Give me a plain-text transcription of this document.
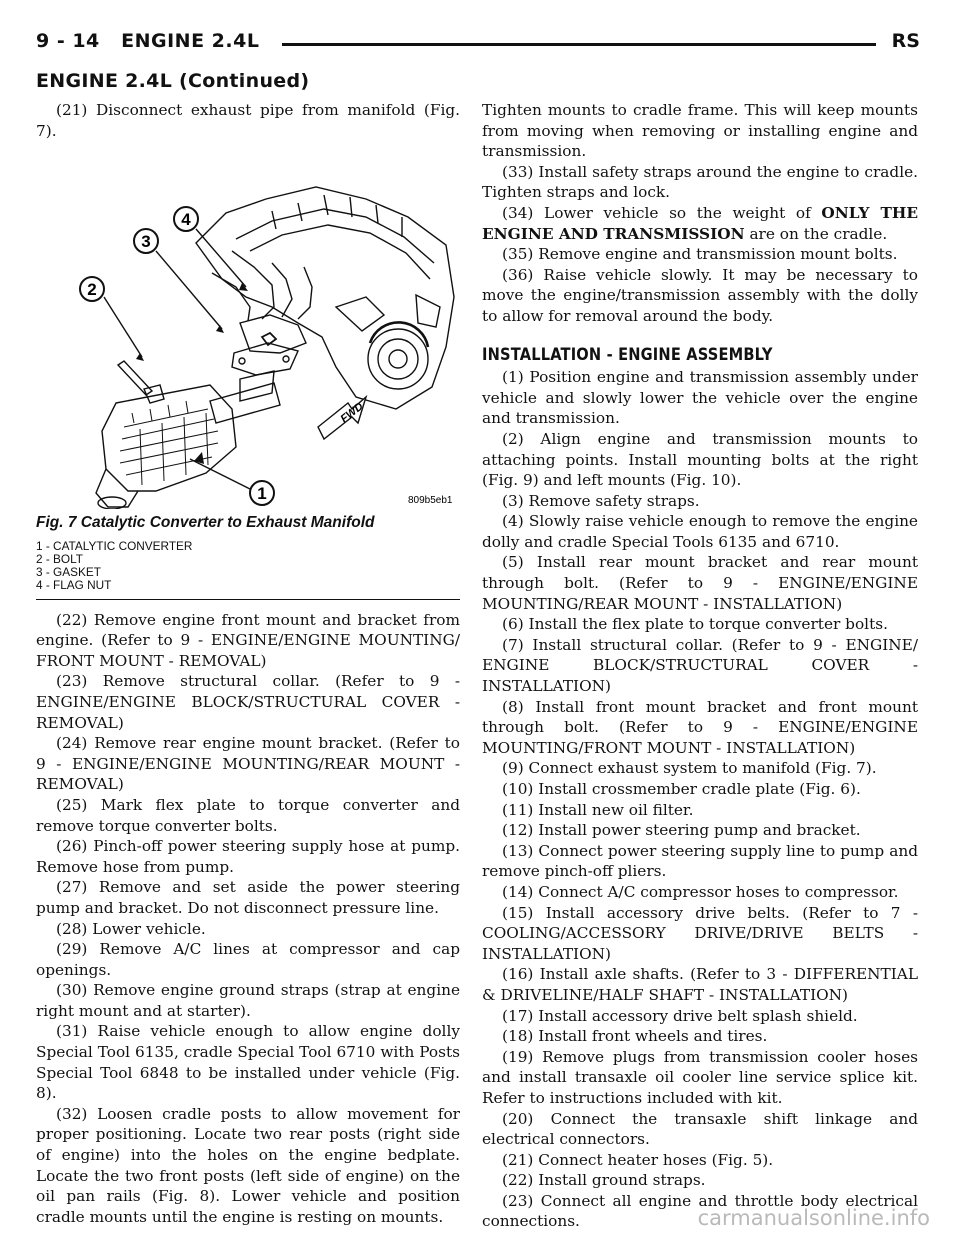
9 - 14 ENGINE 2.4L	RS
ENGINE 2.4L (Continued)

(21) Disconnect exhaust pipe from manifold (Fig. 7).

1
2
3
4
FWD
809b5eb1
Fig. 7 Catalytic Converter to Exhaust Manifold
1 - CATALYTIC CONVERTER
2 - BOLT
3 - GASKET
4 - FLAG NUT

(22) Remove engine front mount and bracket from engine. (Refer to 9 - ENGINE/ENGINE MOUNTING/ FRONT MOUNT - REMOVAL)

(23) Remove structural collar. (Refer to 9 - ENGINE/ENGINE BLOCK/STRUCTURAL COVER - REMOVAL)

(24) Remove rear engine mount bracket. (Refer to 9 - ENGINE/ENGINE MOUNTING/REAR MOUNT - REMOVAL)

(25) Mark flex plate to torque converter and remove torque converter bolts.

(26) Pinch-off power steering supply hose at pump. Remove hose from pump.

(27) Remove and set aside the power steering pump and bracket. Do not disconnect pressure line.

(28) Lower vehicle.

(29) Remove A/C lines at compressor and cap openings.

(30) Remove engine ground straps (strap at engine right mount and at starter).

(31) Raise vehicle enough to allow engine dolly Special Tool 6135, cradle Special Tool 6710 with Posts Special Tool 6848 to be installed under vehicle (Fig. 8).

(32) Loosen cradle posts to allow movement for proper positioning. Locate two rear posts (right side of engine) into the holes on the engine bedplate. Locate the two front posts (left side of engine) on the oil pan rails (Fig. 8). Lower vehicle and position cradle mounts until the engine is resting on mounts.

Tighten mounts to cradle frame. This will keep mounts from moving when removing or installing engine and transmission.

(33) Install safety straps around the engine to cradle. Tighten straps and lock.

(34) Lower vehicle so the weight of ONLY THE ENGINE AND TRANSMISSION are on the cradle.

(35) Remove engine and transmission mount bolts.

(36) Raise vehicle slowly. It may be necessary to move the engine/transmission assembly with the dolly to allow for removal around the body.

INSTALLATION - ENGINE ASSEMBLY

(1) Position engine and transmission assembly under vehicle and slowly lower the vehicle over the engine and transmission.

(2) Align engine and transmission mounts to attaching points. Install mounting bolts at the right (Fig. 9) and left mounts (Fig. 10).

(3) Remove safety straps.

(4) Slowly raise vehicle enough to remove the engine dolly and cradle Special Tools 6135 and 6710.

(5) Install rear mount bracket and rear mount through bolt. (Refer to 9 - ENGINE/ENGINE MOUNTING/REAR MOUNT - INSTALLATION)

(6) Install the flex plate to torque converter bolts.

(7) Install structural collar. (Refer to 9 - ENGINE/ ENGINE BLOCK/STRUCTURAL COVER - INSTALLATION)

(8) Install front mount bracket and front mount through bolt. (Refer to 9 - ENGINE/ENGINE MOUNTING/FRONT MOUNT - INSTALLATION)

(9) Connect exhaust system to manifold (Fig. 7).

(10) Install crossmember cradle plate (Fig. 6).

(11) Install new oil filter.

(12) Install power steering pump and bracket.

(13) Connect power steering supply line to pump and remove pinch-off pliers.

(14) Connect A/C compressor hoses to compressor.

(15) Install accessory drive belts. (Refer to 7 - COOLING/ACCESSORY DRIVE/DRIVE BELTS - INSTALLATION)

(16) Install axle shafts. (Refer to 3 - DIFFERENTIAL & DRIVELINE/HALF SHAFT - INSTALLATION)

(17) Install accessory drive belt splash shield.

(18) Install front wheels and tires.

(19) Remove plugs from transmission cooler hoses and install transaxle oil cooler line service splice kit. Refer to instructions included with kit.

(20) Connect the transaxle shift linkage and electrical connectors.

(21) Connect heater hoses (Fig. 5).

(22) Install ground straps.

(23) Connect all engine and throttle body electrical connections.	carmanualsonline.info
